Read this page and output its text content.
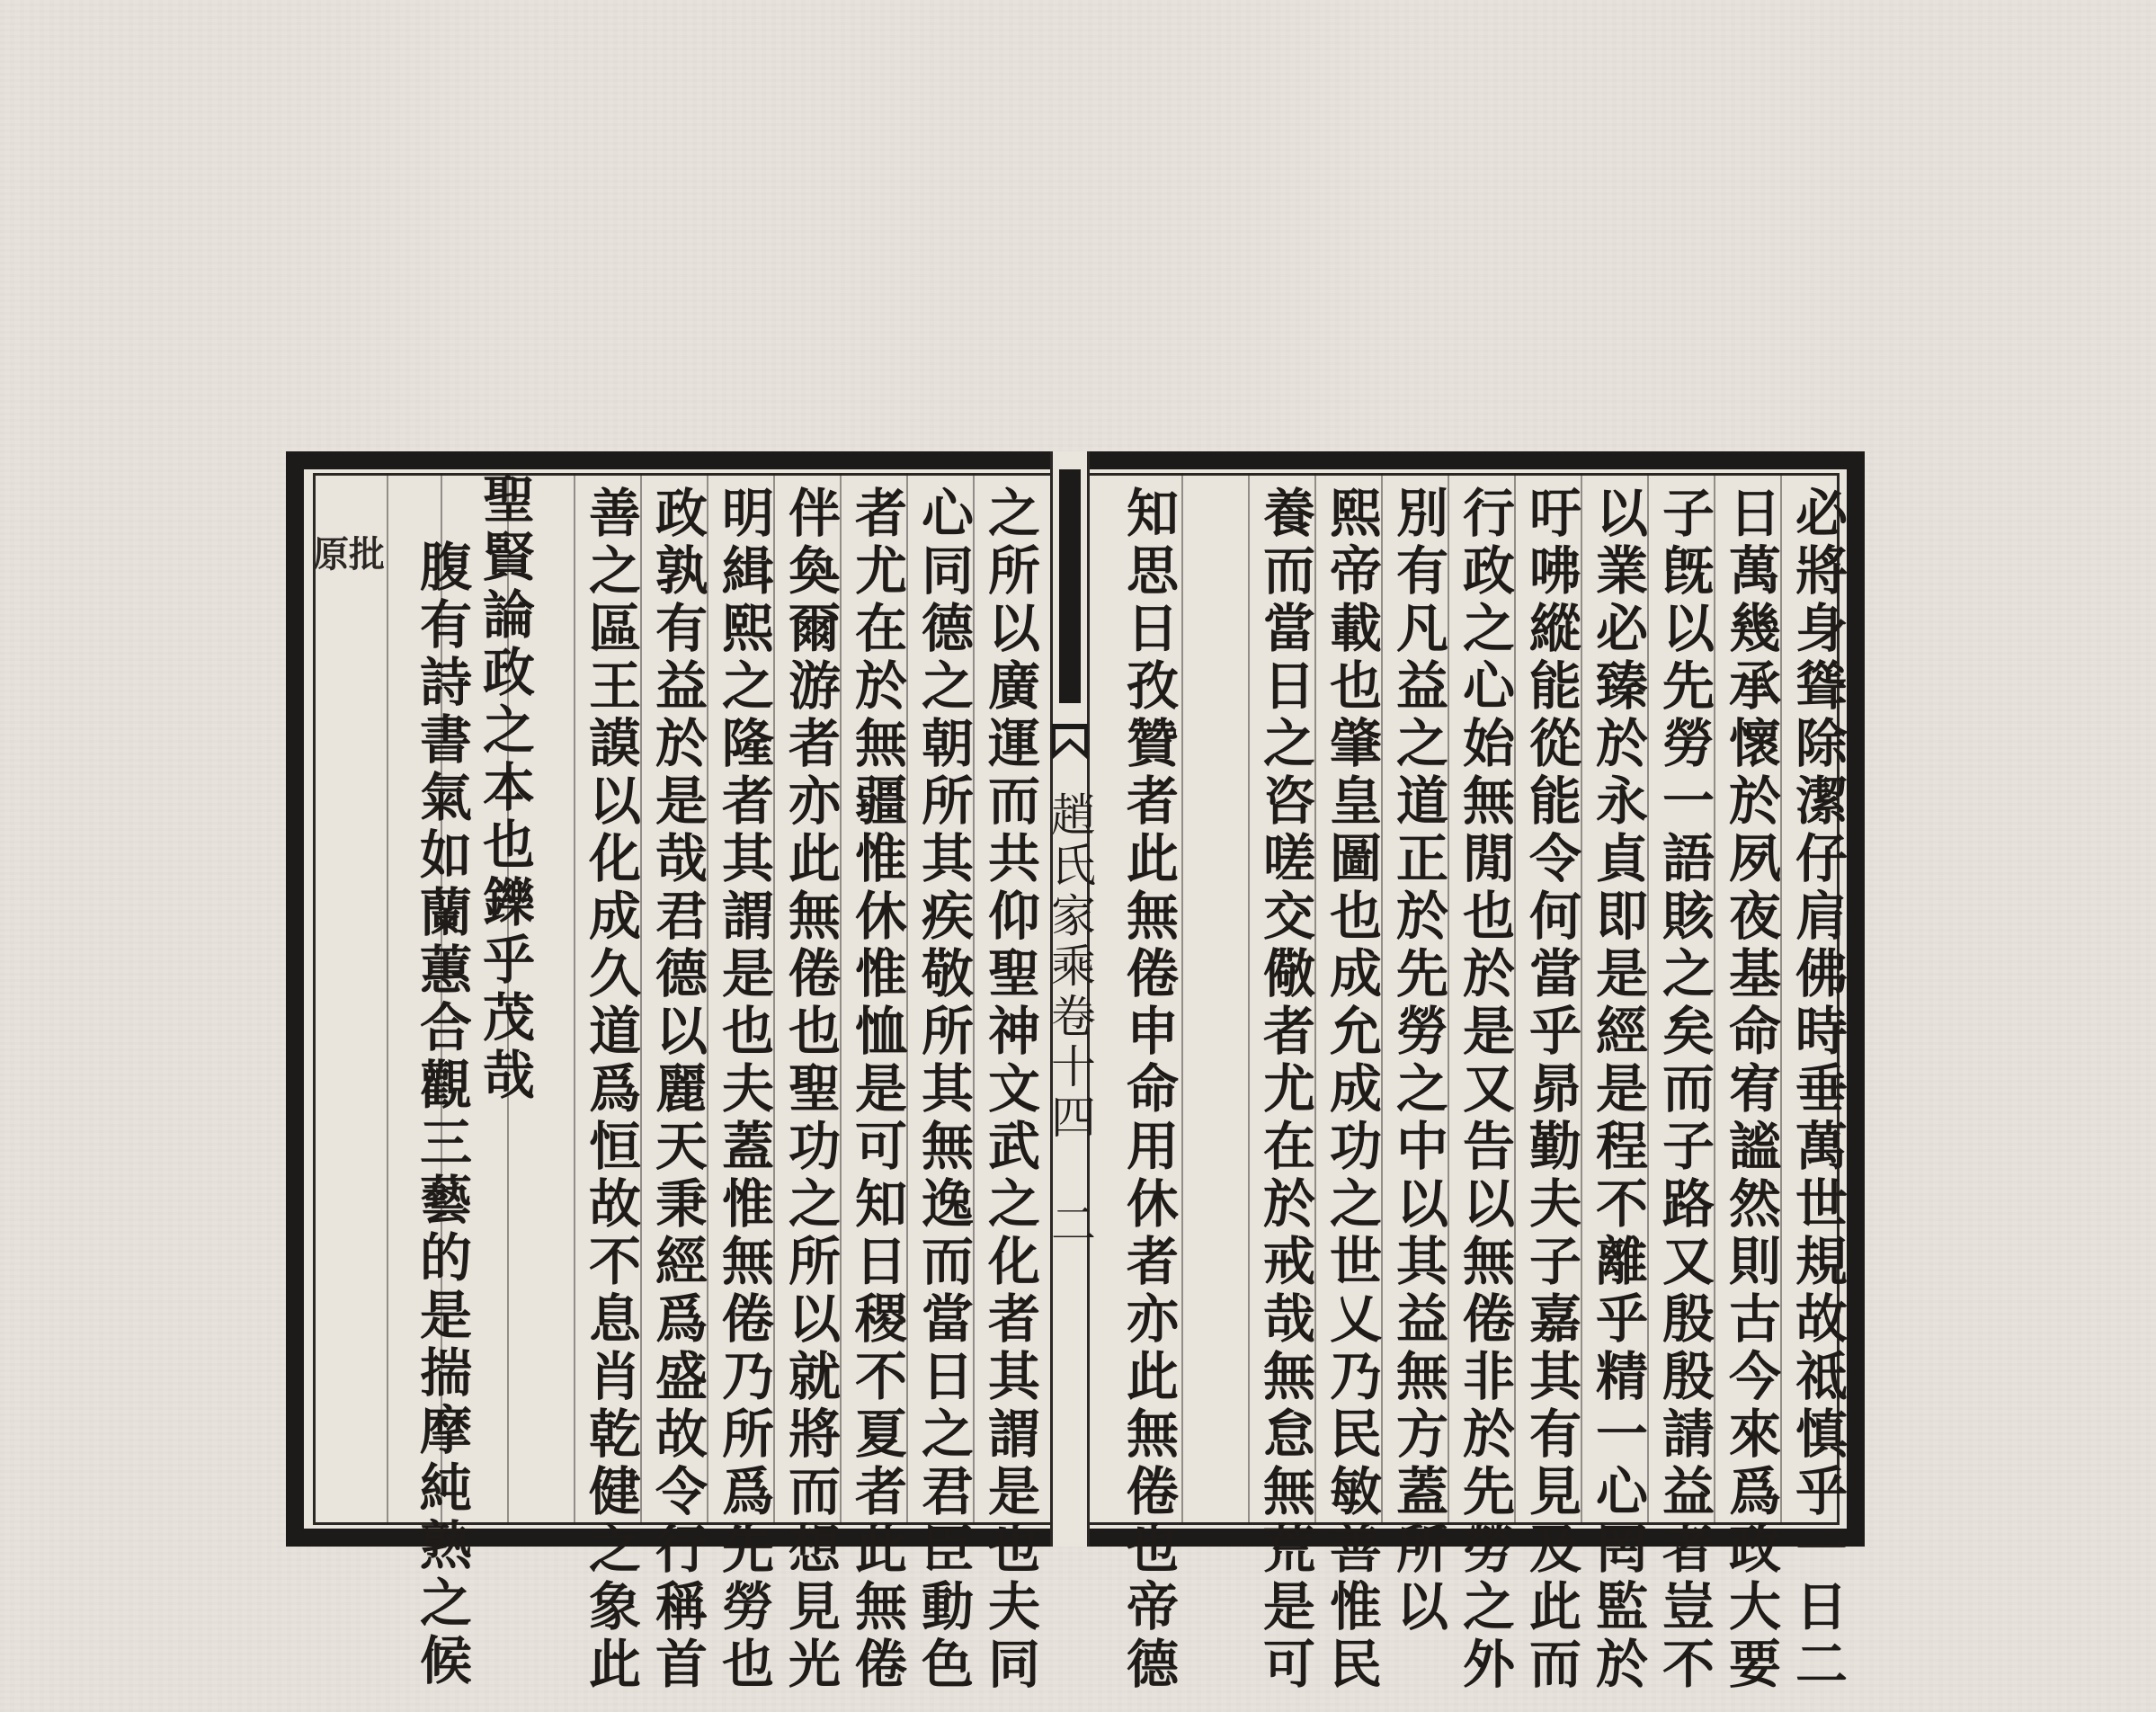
趙氏家乘卷十四
二	必將身聳除潔仔肩佛時垂萬世規故祗慎乎一日二
日萬幾承懷於夙夜基命宥謐然則古今來爲政大要
子旣以先勞一語賅之矣而子路又殷殷請益者豈不
以業必臻於永貞即是經是程不離乎精一心罔監於
吁咈縱能從能令何當乎昴勤夫子嘉其有見及此而
行政之心始無閒也於是又告以無倦非於先勞之外
別有凡益之道正於先勞之中以其益無方蓋所以
熙帝載也肇皇圖也成允成功之世乂乃民敏善惟民
養而當日之咨嗟交儆者尤在於戒哉無怠無荒是可
知思日孜贊者此無倦申命用休者亦此無倦也帝德
之所以廣運而共仰聖神文武之化者其謂是也夫同
心同德之朝所其疾敬所其無逸而當日之君臣動色
者尤在於無疆惟休惟恤是可知日稷不夏者此無倦
伴奐爾游者亦此無倦也聖功之所以就將而想見光
明緝熙之隆者其謂是也夫蓋惟無倦乃所爲先勞也
政孰有益於是哉君德以麗天秉經爲盛故令行稱首
善之區王謨以化成久道爲恒故不息肖乾健之象此
聖賢論政之本也鑠乎茂哉
腹有詩書氣如蘭蕙合觀三藝的是揣摩純熟之候
原批
